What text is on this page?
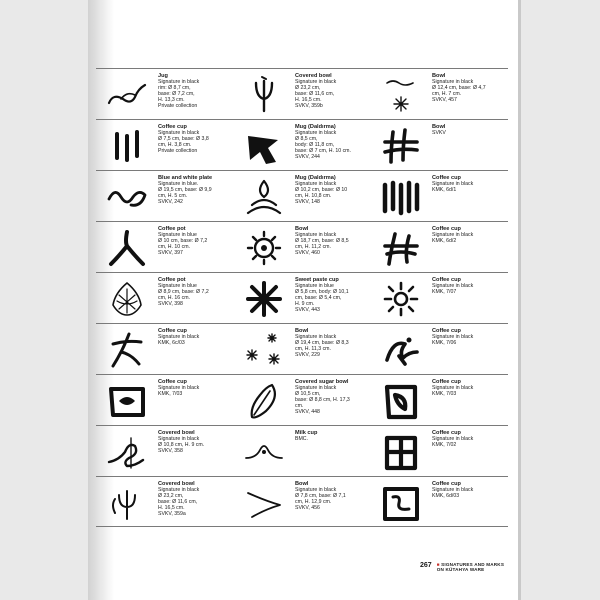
Jug
Signature in black
rim: Ø 8,7 cm,
base: Ø 7,2 cm,
H. 13,3 cm.
Private collection
Covered bowl
Signature in black
Ø 23,2 cm,
base: Ø 11,6 cm,
H. 16,5 cm.
SVKV, 359b
Bowl
Signature in black
Ø 12,4 cm, base: Ø 4,7
cm, H. 7 cm.
SVKV, 457
Coffee cup
Signature in black
Ø 7,5 cm, base: Ø 3,8
cm, H. 3,8 cm.
Private collection
Mug (Daldırma)
Signature in black
Ø 8,5 cm,
body: Ø 11,8 cm,
base: Ø 7 cm, H. 10 cm.
SVKV, 244
Bowl
SVKV
Blue and white plate
Signature in blue.
Ø 19,5 cm, base: Ø 9,9
cm, H. 5 cm.
SVKV, 242
Mug (Daldırma)
Signature in black
Ø 10,2 cm, base: Ø 10
cm, H. 10,8 cm.
SVKV, 148
Coffee cup
Signature in black
KMK, 6d/1
Coffee pot
Signature in blue
Ø 10 cm, base: Ø 7,2
cm, H. 10 cm.
SVKV, 397
Bowl
Signature in black
Ø 18,7 cm, base: Ø 8,5
cm, H. 11,2 cm.
SVKV, 460
Coffee cup
Signature in black
KMK, 6d/2
Coffee pot
Signature in blue
Ø 8,9 cm, base: Ø 7,2
cm, H. 16 cm.
SVKV, 398
Sweet paste cup
Signature in blue
Ø 5,8 cm, body: Ø 10,1
cm, base: Ø 5,4 cm,
H. 9 cm.
SVKV, 443
Coffee cup
Signature in black
KMK, 7/07
Coffee cup
Signature in black
KMK, 6c/03
Bowl
Signature in black
Ø 19,4 cm, base: Ø 8,3
cm, H. 11,3 cm.
SVKV, 229
Coffee cup
Signature in black
KMK, 7/06
Coffee cup
Signature in black
KMK, 7/03
Covered sugar bowl
Signature in black
Ø 10,5 cm,
base: Ø 8,8 cm, H. 17,3
cm.
SVKV, 448
Coffee cup
Signature in black
KMK, 7/03
Covered bowl
Signature in black
Ø 10,8 cm, H. 9 cm.
SVKV, 358
Milk cup
BMC.
Coffee cup
Signature in black
KMK, 7/02
Covered bowl
Signature in black
Ø 23,2 cm,
base: Ø 11,6 cm,
H. 16,5 cm.
SVKV, 359a
Bowl
Signature in black
Ø 7,8 cm, base: Ø 7,1
cm, H. 12,9 cm.
SVKV, 456
Coffee cup
Signature in black
KMK, 6d/03
267 ■ SIGNATURES AND MARKS
ON KÜTAHYA WARE
